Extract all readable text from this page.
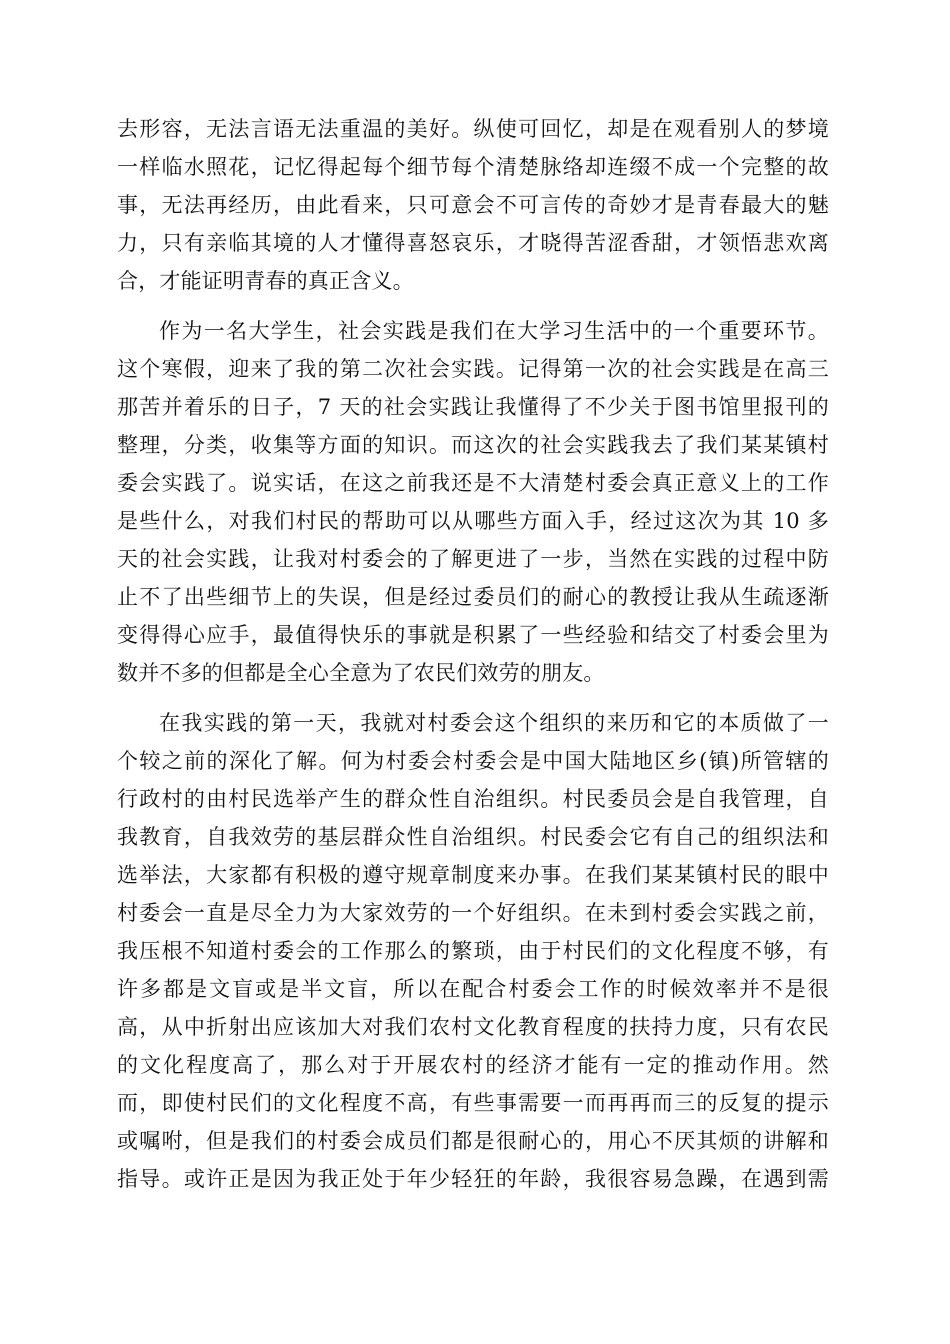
去形容，无法言语无法重温的美好。纵使可回忆，却是在观看别人的梦境
一样临水照花，记忆得起每个细节每个清楚脉络却连缀不成一个完整的故
事，无法再经历，由此看来，只可意会不可言传的奇妙才是青春最大的魅
力，只有亲临其境的人才懂得喜怒哀乐，才晓得苦涩香甜，才领悟悲欢离
合，才能证明青春的真正含义。
作为一名大学生，社会实践是我们在大学习生活中的一个重要环节。
这个寒假，迎来了我的第二次社会实践。记得第一次的社会实践是在高三
那苦并着乐的日子，7 天的社会实践让我懂得了不少关于图书馆里报刊的
整理，分类，收集等方面的知识。而这次的社会实践我去了我们某某镇村
委会实践了。说实话，在这之前我还是不大清楚村委会真正意义上的工作
是些什么，对我们村民的帮助可以从哪些方面入手，经过这次为其 10 多
天的社会实践，让我对村委会的了解更进了一步，当然在实践的过程中防
止不了出些细节上的失误，但是经过委员们的耐心的教授让我从生疏逐渐
变得得心应手，最值得快乐的事就是积累了一些经验和结交了村委会里为
数并不多的但都是全心全意为了农民们效劳的朋友。
在我实践的第一天，我就对村委会这个组织的来历和它的本质做了一
个较之前的深化了解。何为村委会村委会是中国大陆地区乡(镇)所管辖的
行政村的由村民选举产生的群众性自治组织。村民委员会是自我管理，自
我教育，自我效劳的基层群众性自治组织。村民委会它有自己的组织法和
选举法，大家都有积极的遵守规章制度来办事。在我们某某镇村民的眼中
村委会一直是尽全力为大家效劳的一个好组织。在未到村委会实践之前，
我压根不知道村委会的工作那么的繁琐，由于村民们的文化程度不够，有
许多都是文盲或是半文盲，所以在配合村委会工作的时候效率并不是很
高，从中折射出应该加大对我们农村文化教育程度的扶持力度，只有农民
的文化程度高了，那么对于开展农村的经济才能有一定的推动作用。然
而，即使村民们的文化程度不高，有些事需要一而再再而三的反复的提示
或嘱咐，但是我们的村委会成员们都是很耐心的，用心不厌其烦的讲解和
指导。或许正是因为我正处于年少轻狂的年龄，我很容易急躁，在遇到需
